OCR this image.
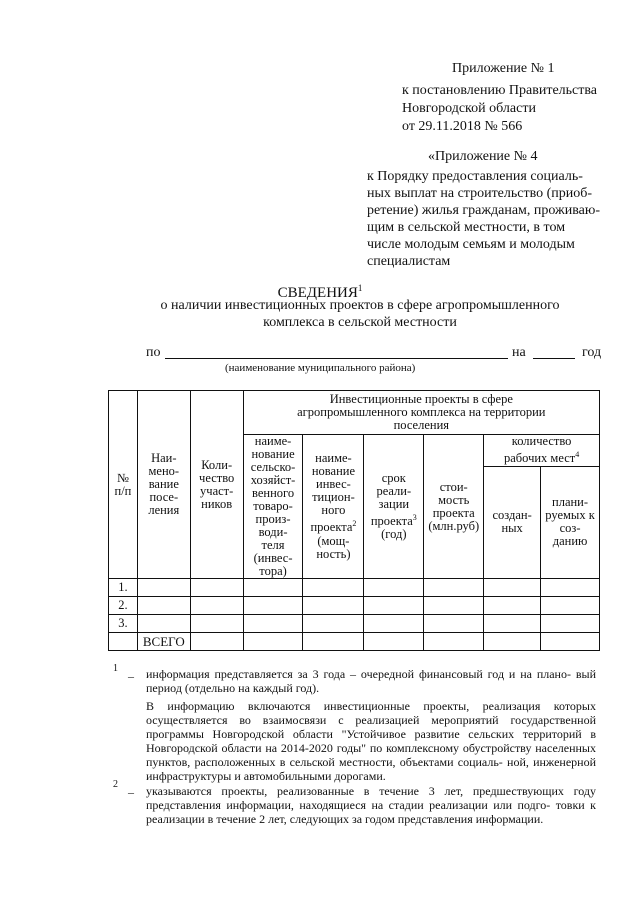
Приложение № 1
к постановлению Правительства
Новгородской области
от 29.11.2018 № 566
«Приложение № 4
к Порядку предоставления социаль-
ных выплат на строительство (приоб-
ретение) жилья гражданам, проживаю-
щим в сельской местности, в том
числе молодым семьям и молодым
специалистам
СВЕДЕНИЯ$^1$
о наличии инвестиционных проектов в сфере агропромышленного
комплекса в сельской местности
по	на	год
(наименование муниципального района)
№ п/п	Наи- мено- вание посе- ления	Коли- чество участ- ников	Инвестиционные проекты в сфере агропромышленного комплекса на территории поселения					
			наиме- нование сельско- хозяйст- венного товаро- произ- води- теля (инвес- тора)	наиме- нование инвес- тицион- ного проекта$^2$ (мощ- ность)	срок реали- зации проекта$^3$ (год)	стои- мость проекта (млн.руб)	количество рабочих мест$^4$
							создан- ных	плани- руемых к соз- данию
1.								
2.								
3.								
	ВСЕГО							
1
– информация представляется за 3 года – очередной финансовый год и на плано- вый период (отдельно на каждый год).
В информацию включаются инвестиционные проекты, реализация которых осуществляется во взаимосвязи с реализацией мероприятий государственной программы Новгородской области "Устойчивое развитие сельских территорий в Новгородской области на 2014-2020 годы" по комплексному обустройству населенных пунктов, расположенных в сельской местности, объектами социаль- ной, инженерной инфраструктуры и автомобильными дорогами.
2
– указываются проекты, реализованные в течение 3 лет, предшествующих году представления информации, находящиеся на стадии реализации или подго- товки к реализации в течение 2 лет, следующих за годом представления информации.
